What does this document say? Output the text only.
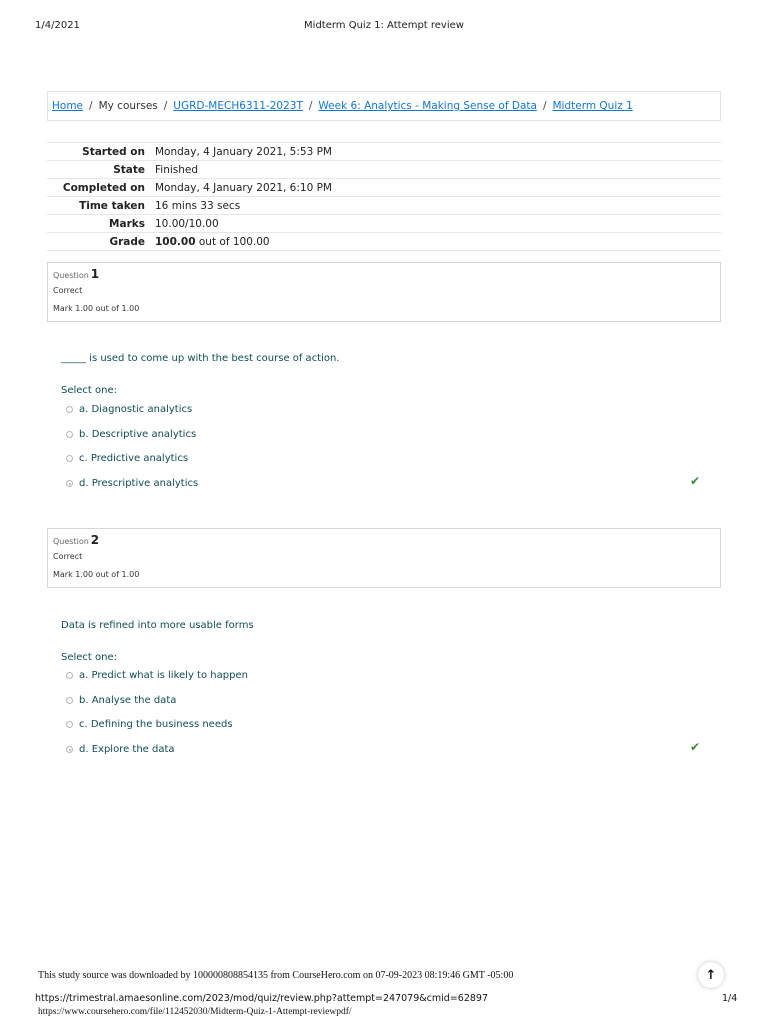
1/4/2021	Midterm Quiz 1: Attempt review
Home / My courses / UGRD-MECH6311-2023T / Week 6: Analytics - Making Sense of Data / Midterm Quiz 1
Started on	Monday, 4 January 2021, 5:53 PM
State	Finished
Completed on	Monday, 4 January 2021, 6:10 PM
Time taken	16 mins 33 secs
Marks	10.00/10.00
Grade	100.00 out of 100.00
Question 1
Correct
Mark 1.00 out of 1.00
_____ is used to come up with the best course of action.
Select one:
a. Diagnostic analytics
b. Descriptive analytics
c. Predictive analytics
d. Prescriptive analytics	✔
Question 2
Correct
Mark 1.00 out of 1.00
Data is refined into more usable forms
Select one:
a. Predict what is likely to happen
b. Analyse the data
c. Defining the business needs
d. Explore the data	✔
This study source was downloaded by 100000808854135 from CourseHero.com on 07-09-2023 08:19:46 GMT -05:00	↑
https://trimestral.amaesonline.com/2023/mod/quiz/review.php?attempt=247079&cmid=62897	1/4
https://www.coursehero.com/file/112452030/Midterm-Quiz-1-Attempt-reviewpdf/
